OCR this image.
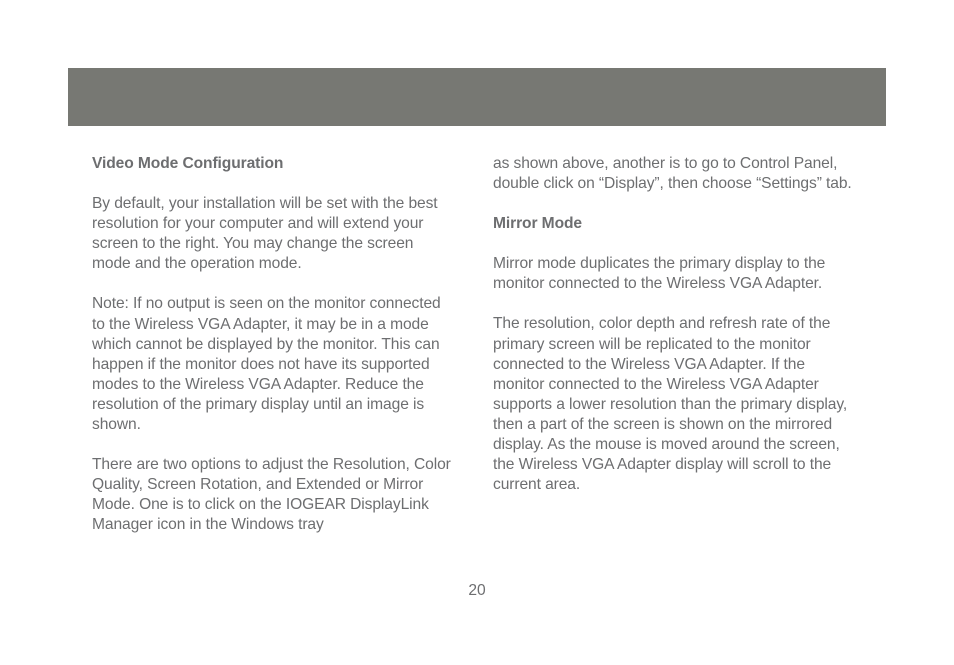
Video Mode Configuration

By default, your installation will be set with the best resolution for your computer and will extend your screen to the right. You may change the screen mode and the operation mode.

Note: If no output is seen on the monitor connected to the Wireless VGA Adapter, it may be in a mode which cannot be displayed by the monitor. This can happen if the monitor does not have its supported modes to the Wireless VGA Adapter. Reduce the resolution of the primary display until an image is shown.

There are two options to adjust the Resolution, Color Quality, Screen Rotation, and Extended or Mirror Mode. One is to click on the IOGEAR DisplayLink Manager icon in the Windows tray

as shown above, another is to go to Control Panel, double click on “Display”, then choose “Settings” tab.

Mirror Mode

Mirror mode duplicates the primary display to the monitor connected to the Wireless VGA Adapter.

The resolution, color depth and refresh rate of the primary screen will be replicated to the monitor connected to the Wireless VGA Adapter. If the monitor connected to the Wireless VGA Adapter supports a lower resolution than the primary display, then a part of the screen is shown on the mirrored display. As the mouse is moved around the screen, the Wireless VGA Adapter display will scroll to the current area.

20
